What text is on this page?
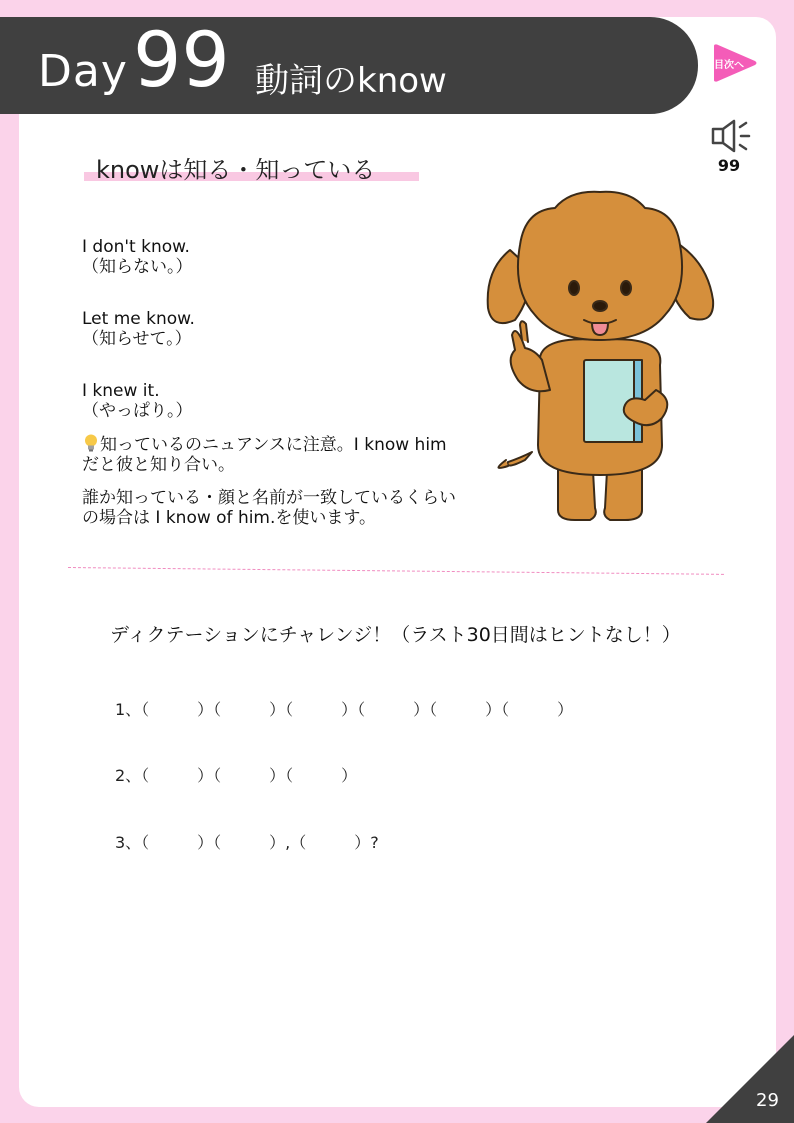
Day 99 動詞のknow	目次へ
99
knowは知る・知っている
I don't know.
（知らない。）
Let me know.
（知らせて。）
I knew it.
（やっぱり。）
知っているのニュアンスに注意。I know himだと彼と知り合い。
誰か知っている・顔と名前が一致しているくらいの場合は I know of him.を使います。
ディクテーションにチャレンジ！（ラスト30日間はヒントなし！）
1、（　　　）（　　　）（　　　）（　　　）（　　　）（　　　）
2、（　　　）（　　　）（　　　）
3、（　　　）（　　　）,（　　　）?
29
